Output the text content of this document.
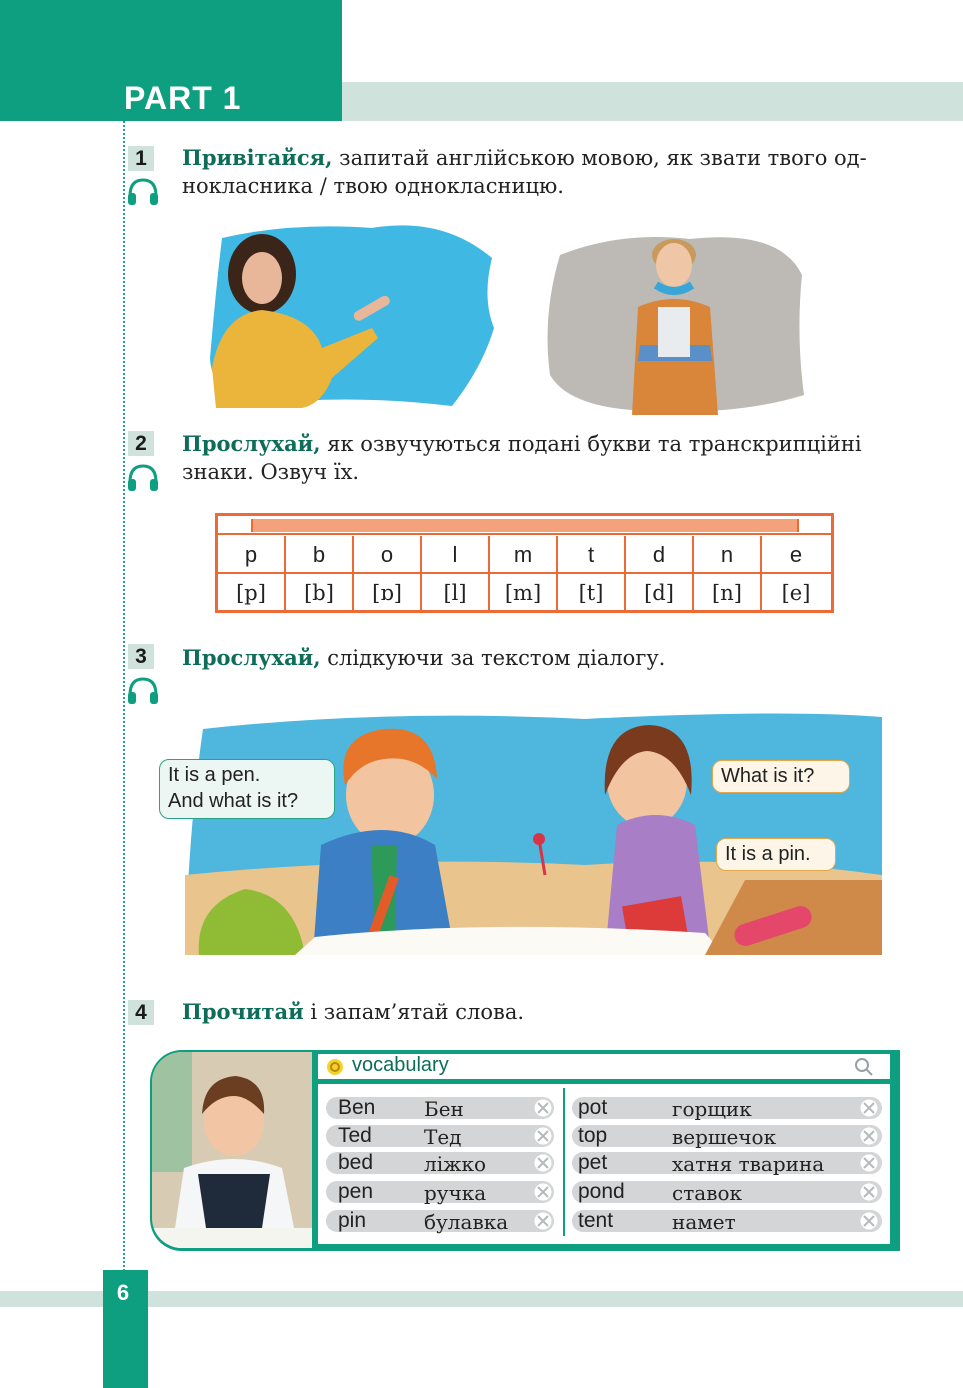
PART 1
1	Привітайся, запитай англійською мовою, як звати твого од-
нокласника / твою однокласницю.
2	Прослухай, як озвучуються подані букви та транскрипційні
знаки. Озвуч їх.
p	b	o	l	m	t	d	n	e
[p]	[b]	[ɒ]	[l]	[m]	[t]	[d]	[n]	[e]
3	Прослухай, слідкуючи за текстом діалогу.
It is a pen.
And what is it?
What is it?
It is a pin.
4	Прочитай і запам’ятай слова.
vocabulary
Ben Бен
Ted	Тед
bed	ліжко
pen	ручка
pin	булавка
pot	горщик
top	вершечок
pet	хатня тварина
pond ставок
tent	намет
6
